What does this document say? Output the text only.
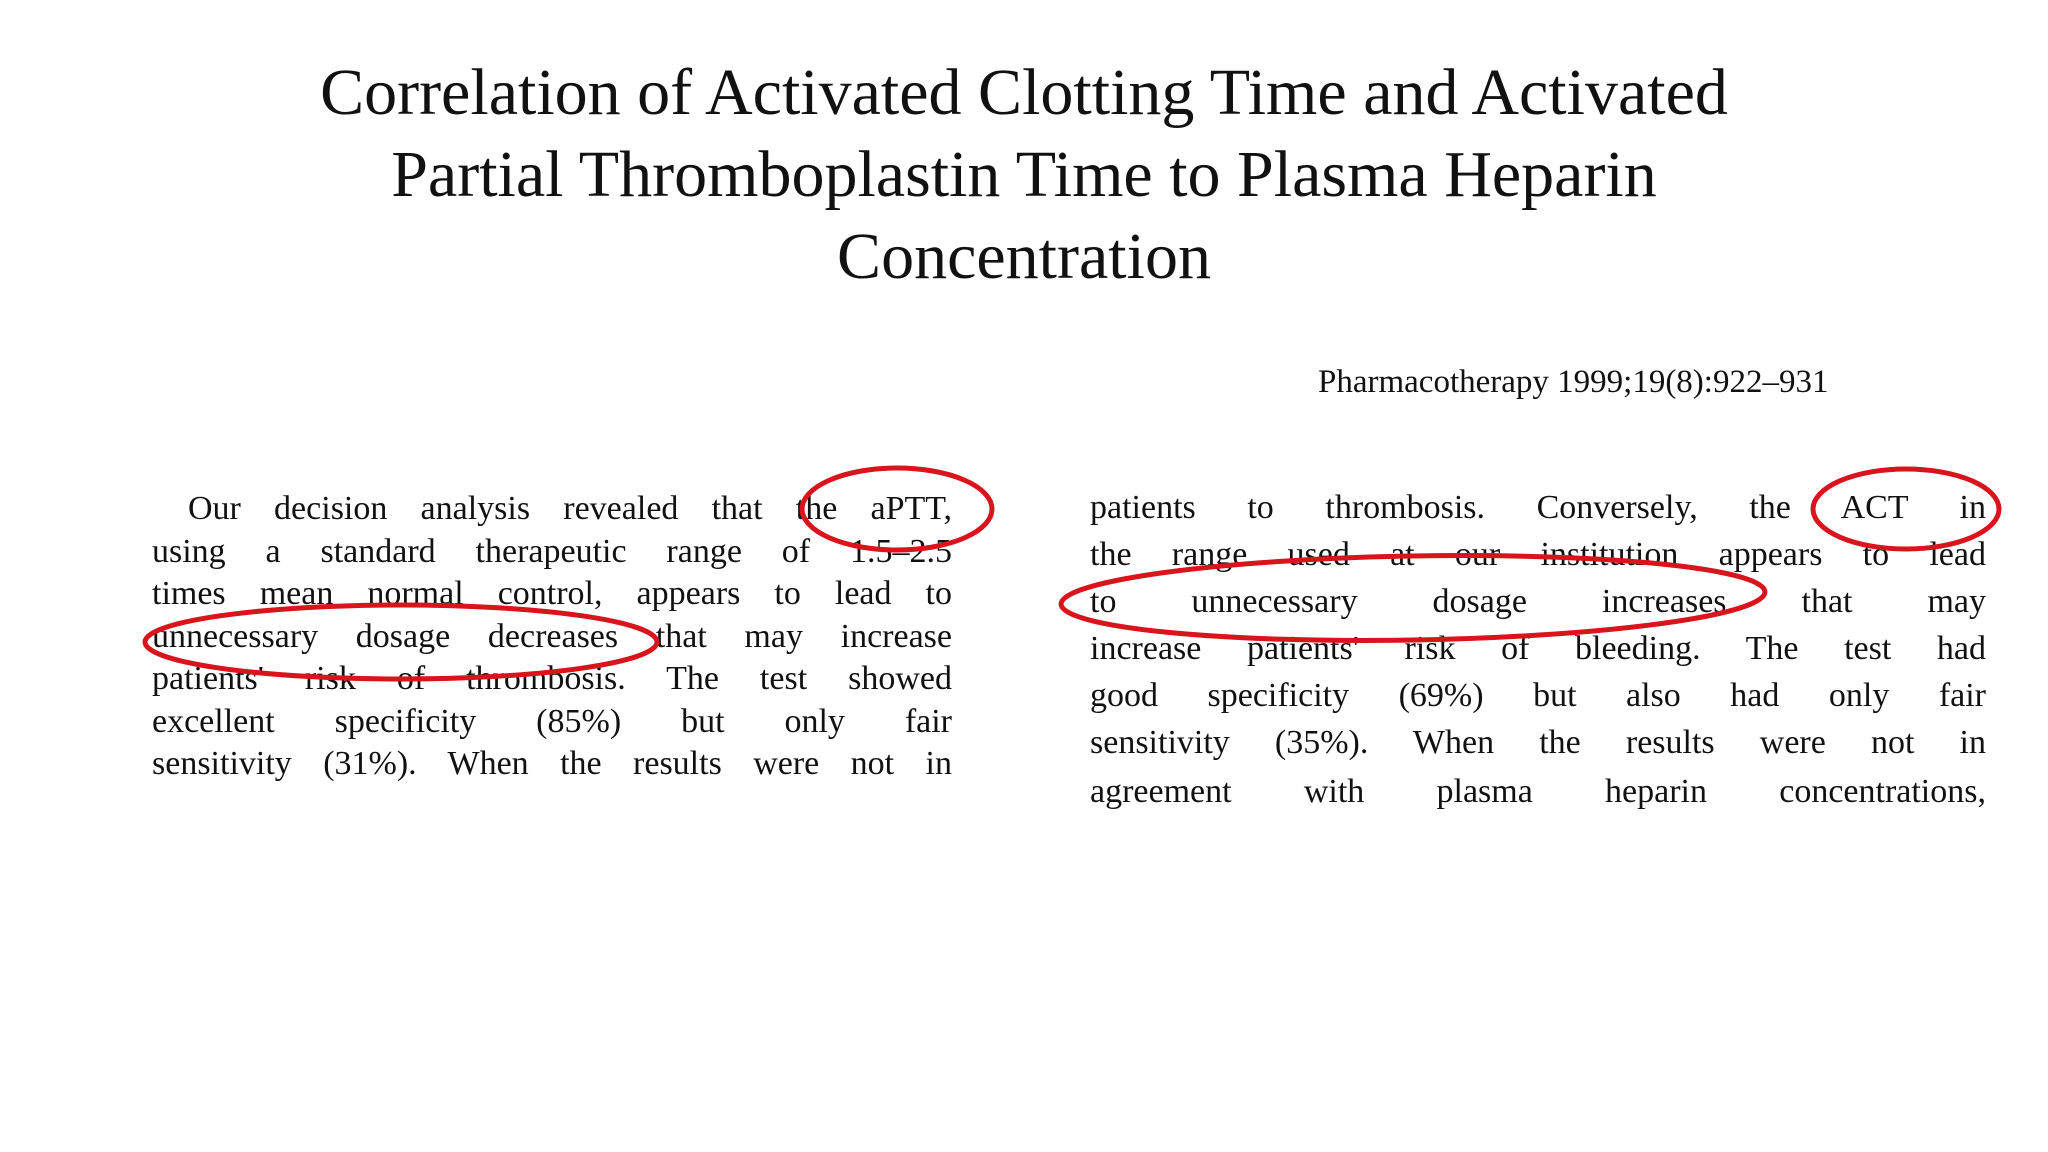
Correlation of Activated Clotting Time and Activated
Partial Thromboplastin Time to Plasma Heparin
Concentration
Pharmacotherapy 1999;19(8):922–931
Our decision analysis revealed that the aPTT,
using a standard therapeutic range of 1.5–2.5
times mean normal control, appears to lead to
unnecessary dosage decreases that may increase
patients' risk of thrombosis. The test showed
excellent specificity (85%) but only fair
sensitivity (31%). When the results were not in
patients to thrombosis. Conversely, the ACT in
the range used at our institution appears to lead
to unnecessary dosage increases that may
increase patients' risk of bleeding. The test had
good specificity (69%) but also had only fair
sensitivity (35%). When the results were not in
agreement with plasma heparin concentrations,
